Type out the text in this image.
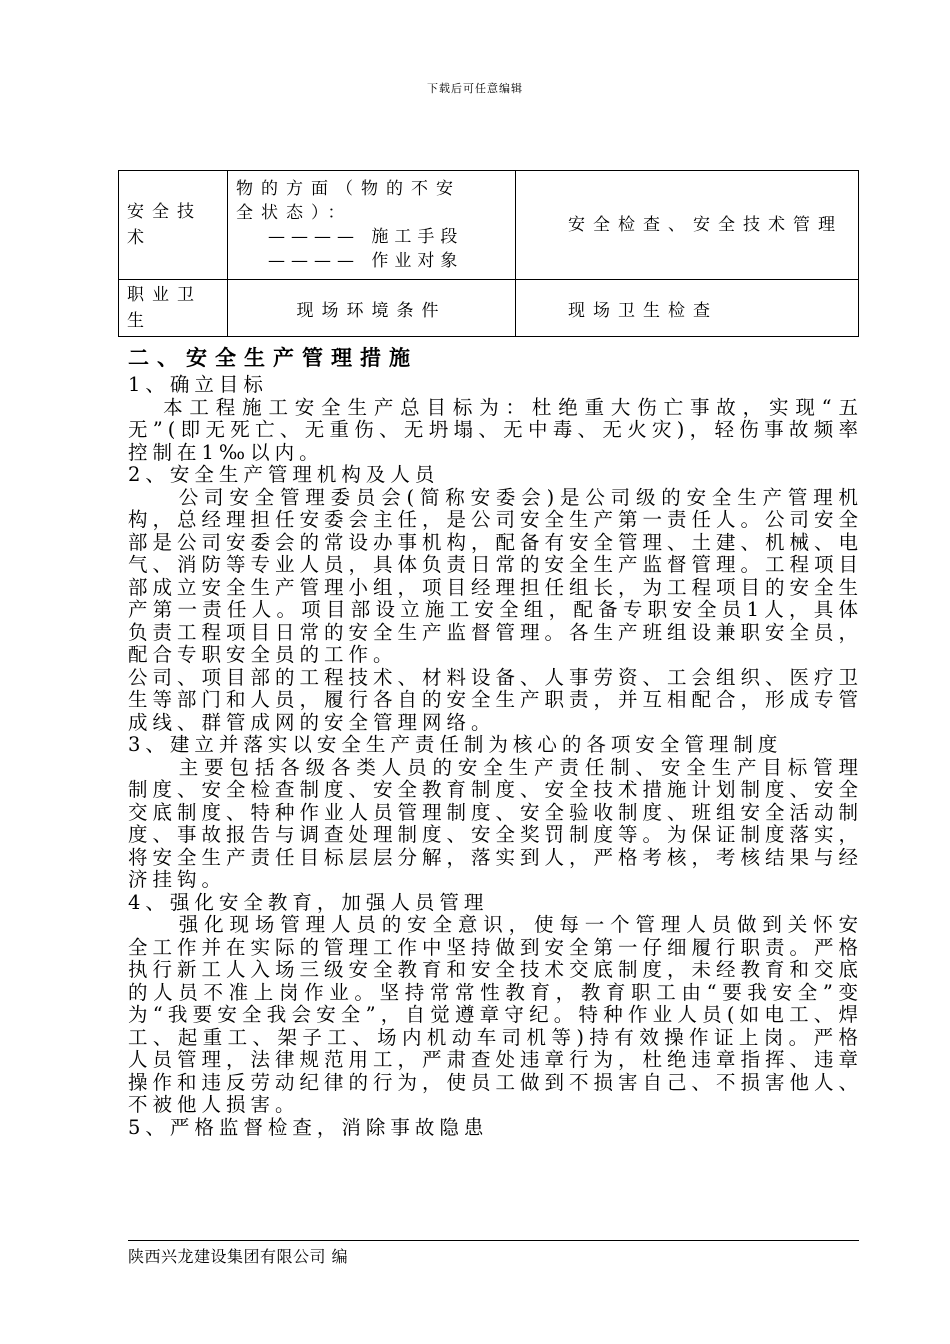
下载后可任意编辑
安全技术	物的方面（物的不安
全状态）：
———— 施工手段
———— 作业对象	安全检查、安全技术管理
职业卫生	现场环境条件	现场卫生检查

二、安全生产管理措施

1、确立目标

本工程施工安全生产总目标为：杜绝重大伤亡事故，实现“五无”(即无死亡、无重伤、无坍塌、无中毒、无火灾)，轻伤事故频率控制在1‰以内。

2、安全生产管理机构及人员

公司安全管理委员会(简称安委会)是公司级的安全生产管理机构，总经理担任安委会主任，是公司安全生产第一责任人。公司安全部是公司安委会的常设办事机构，配备有安全管理、土建、机械、电气、消防等专业人员，具体负责日常的安全生产监督管理。工程项目部成立安全生产管理小组，项目经理担任组长，为工程项目的安全生产第一责任人。项目部设立施工安全组，配备专职安全员1人，具体负责工程项目日常的安全生产监督管理。各生产班组设兼职安全员，配合专职安全员的工作。

公司、项目部的工程技术、材料设备、人事劳资、工会组织、医疗卫生等部门和人员，履行各自的安全生产职责，并互相配合，形成专管成线、群管成网的安全管理网络。

3、建立并落实以安全生产责任制为核心的各项安全管理制度

主要包括各级各类人员的安全生产责任制、安全生产目标管理制度、安全检查制度、安全教育制度、安全技术措施计划制度、安全交底制度、特种作业人员管理制度、安全验收制度、班组安全活动制度、事故报告与调查处理制度、安全奖罚制度等。为保证制度落实，将安全生产责任目标层层分解，落实到人，严格考核，考核结果与经济挂钩。

4、强化安全教育，加强人员管理

强化现场管理人员的安全意识，使每一个管理人员做到关怀安全工作并在实际的管理工作中坚持做到安全第一仔细履行职责。严格执行新工人入场三级安全教育和安全技术交底制度，未经教育和交底的人员不准上岗作业。坚持常常性教育，教育职工由“要我安全”变为“我要安全我会安全”，自觉遵章守纪。特种作业人员(如电工、焊工、起重工、架子工、场内机动车司机等)持有效操作证上岗。严格人员管理，法律规范用工，严肃查处违章行为，杜绝违章指挥、违章操作和违反劳动纪律的行为，使员工做到不损害自己、不损害他人、不被他人损害。

5、严格监督检查，消除事故隐患

陕西兴龙建设集团有限公司 编
